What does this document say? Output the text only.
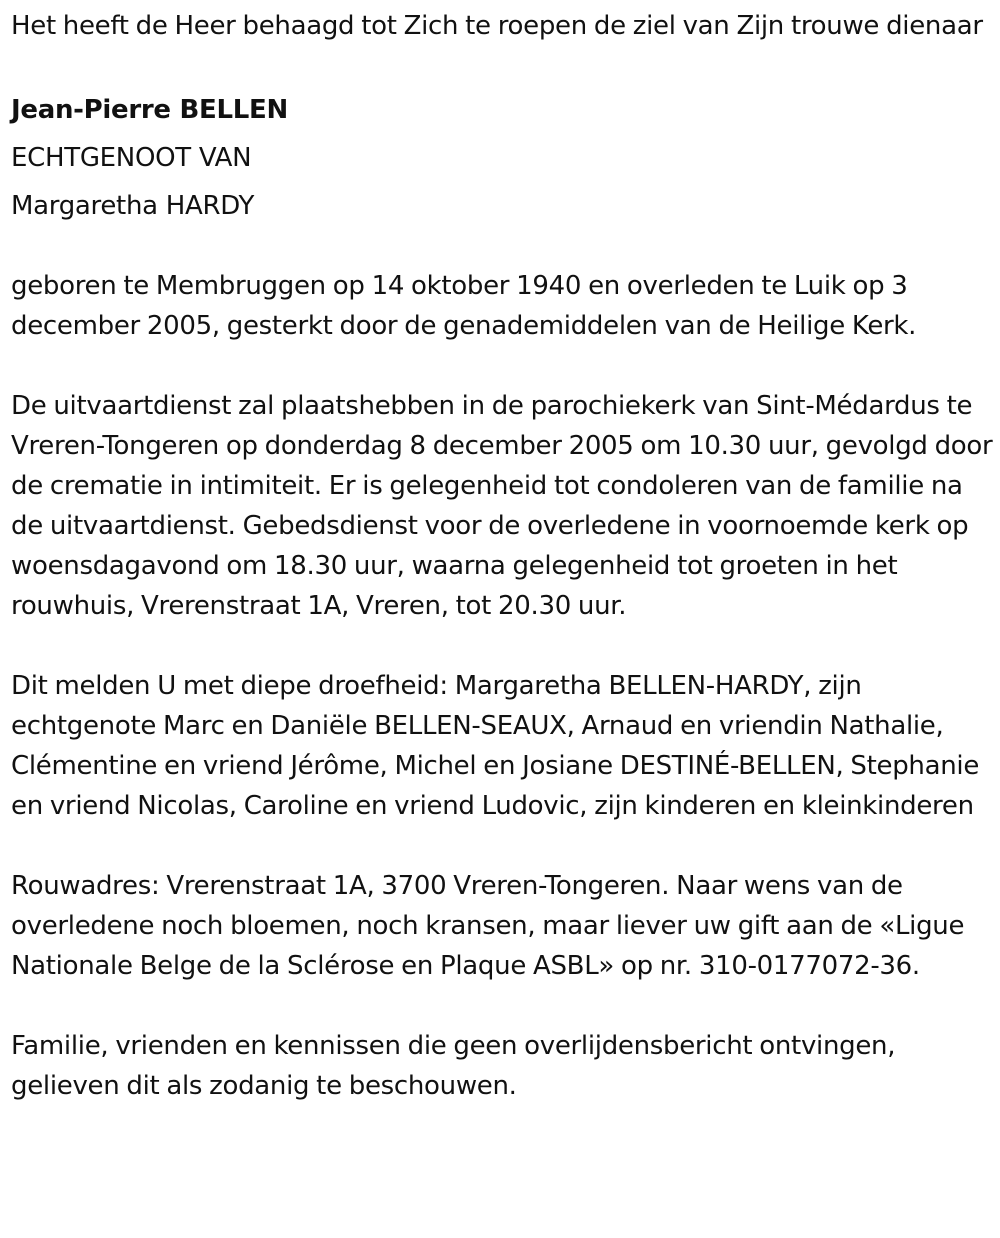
Het heeft de Heer behaagd tot Zich te roepen de ziel van Zijn trouwe dienaar

Jean-Pierre BELLEN

ECHTGENOOT VAN

Margaretha HARDY

geboren te Membruggen op 14 oktober 1940 en overleden te Luik op 3 december 2005, gesterkt door de genademiddelen van de Heilige Kerk.

De uitvaartdienst zal plaatshebben in de parochiekerk van Sint-Médardus te Vreren-Tongeren op donderdag 8 december 2005 om 10.30 uur, gevolgd door de crematie in intimiteit. Er is gelegenheid tot condoleren van de familie na de uitvaartdienst. Gebedsdienst voor de overledene in voornoemde kerk op woensdagavond om 18.30 uur, waarna gelegenheid tot groeten in het rouwhuis, Vrerenstraat 1A, Vreren, tot 20.30 uur.

Dit melden U met diepe droefheid: Margaretha BELLEN-HARDY, zijn echtgenote Marc en Daniële BELLEN-SEAUX, Arnaud en vriendin Nathalie, Clémentine en vriend Jérôme, Michel en Josiane DESTINÉ-BELLEN, Stephanie en vriend Nicolas, Caroline en vriend Ludovic, zijn kinderen en kleinkinderen

Rouwadres: Vrerenstraat 1A, 3700 Vreren-Tongeren. Naar wens van de overledene noch bloemen, noch kransen, maar liever uw gift aan de «Ligue Nationale Belge de la Sclérose en Plaque ASBL» op nr. 310-0177072-36.

Familie, vrienden en kennissen die geen overlijdensbericht ontvingen, gelieven dit als zodanig te beschouwen.
